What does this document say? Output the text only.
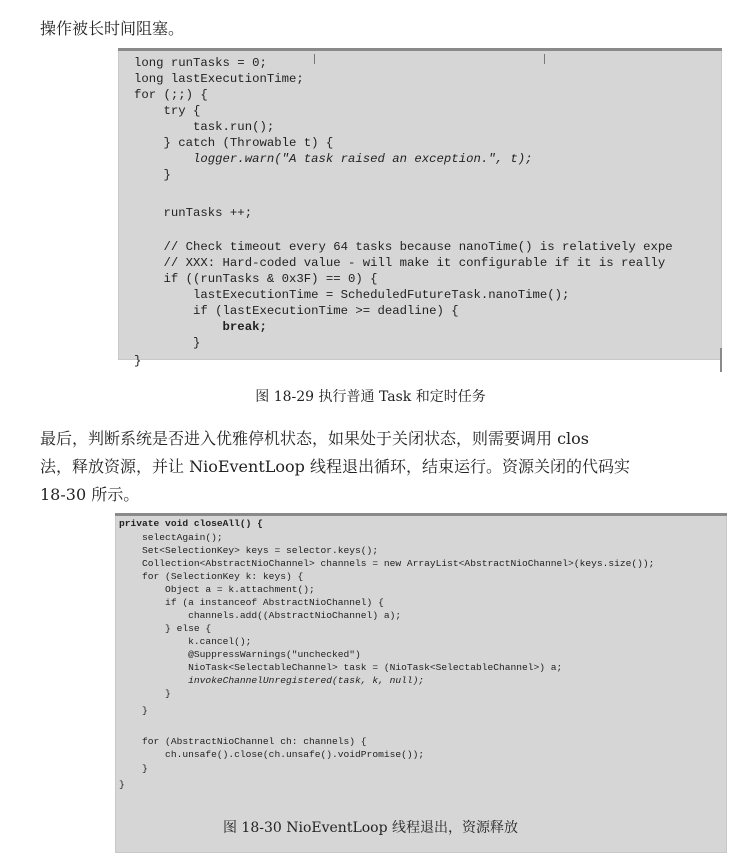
操作被长时间阻塞。
long runTasks = 0;
long lastExecutionTime;
for (;;) {
try {
task.run();
} catch (Throwable t) {
logger.warn("A task raised an exception.", t);
}
runTasks ++;
// Check timeout every 64 tasks because nanoTime() is relatively expe
// XXX: Hard-coded value - will make it configurable if it is really
if ((runTasks & 0x3F) == 0) {
lastExecutionTime = ScheduledFutureTask.nanoTime();
if (lastExecutionTime >= deadline) {
break;
}
}
图 18-29 执行普通 Task 和定时任务
最后，判断系统是否进入优雅停机状态，如果处于关闭状态，则需要调用 clos
法，释放资源，并让 NioEventLoop 线程退出循环，结束运行。资源关闭的代码实
18-30 所示。
private void closeAll() {
selectAgain();
Set<SelectionKey> keys = selector.keys();
Collection<AbstractNioChannel> channels = new ArrayList<AbstractNioChannel>(keys.size());
for (SelectionKey k: keys) {
Object a = k.attachment();
if (a instanceof AbstractNioChannel) {
channels.add((AbstractNioChannel) a);
} else {
k.cancel();
@SuppressWarnings("unchecked")
NioTask<SelectableChannel> task = (NioTask<SelectableChannel>) a;
invokeChannelUnregistered(task, k, null);
}
}
for (AbstractNioChannel ch: channels) {
ch.unsafe().close(ch.unsafe().voidPromise());
}
}
图 18-30 NioEventLoop 线程退出，资源释放
